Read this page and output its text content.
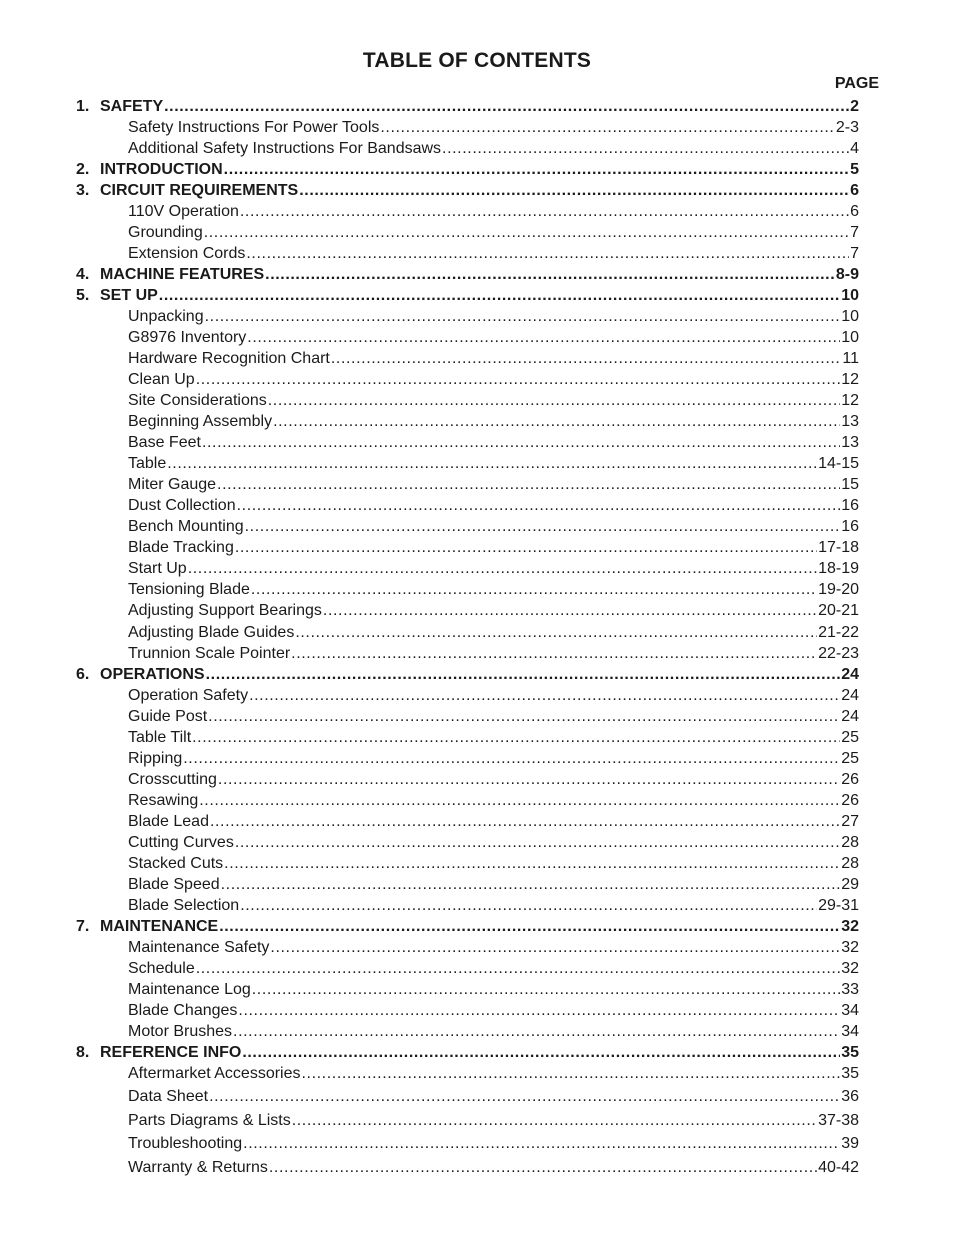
TABLE OF CONTENTS
PAGE
1. SAFETY .....	2
Safety Instructions For Power Tools .....	2-3
Additional Safety Instructions For Bandsaws .....	4
2. INTRODUCTION .....	5
3. CIRCUIT REQUIREMENTS .....	6
110V Operation .....	6
Grounding .....	7
Extension Cords .....	7
4. MACHINE FEATURES .....	8-9
5. SET UP .....	10
Unpacking .....	10
G8976 Inventory .....	10
Hardware Recognition Chart .....	11
Clean Up .....	12
Site Considerations .....	12
Beginning Assembly .....	13
Base Feet .....	13
Table .....	14-15
Miter Gauge .....	15
Dust Collection .....	16
Bench Mounting .....	16
Blade Tracking .....	17-18
Start Up .....	18-19
Tensioning Blade .....	19-20
Adjusting Support Bearings .....	20-21
Adjusting Blade Guides .....	21-22
Trunnion Scale Pointer .....	22-23
6. OPERATIONS .....	24
Operation Safety .....	24
Guide Post .....	24
Table Tilt .....	25
Ripping .....	25
Crosscutting .....	26
Resawing .....	26
Blade Lead .....	27
Cutting Curves .....	28
Stacked Cuts .....	28
Blade Speed .....	29
Blade Selection .....	29-31
7. MAINTENANCE .....	32
Maintenance Safety .....	32
Schedule .....	32
Maintenance Log .....	33
Blade Changes .....	34
Motor Brushes .....	34
8. REFERENCE INFO .....	35
Aftermarket Accessories .....	35
Data Sheet .....	36
Parts Diagrams & Lists .....	37-38
Troubleshooting .....	39
Warranty & Returns .....	40-42
